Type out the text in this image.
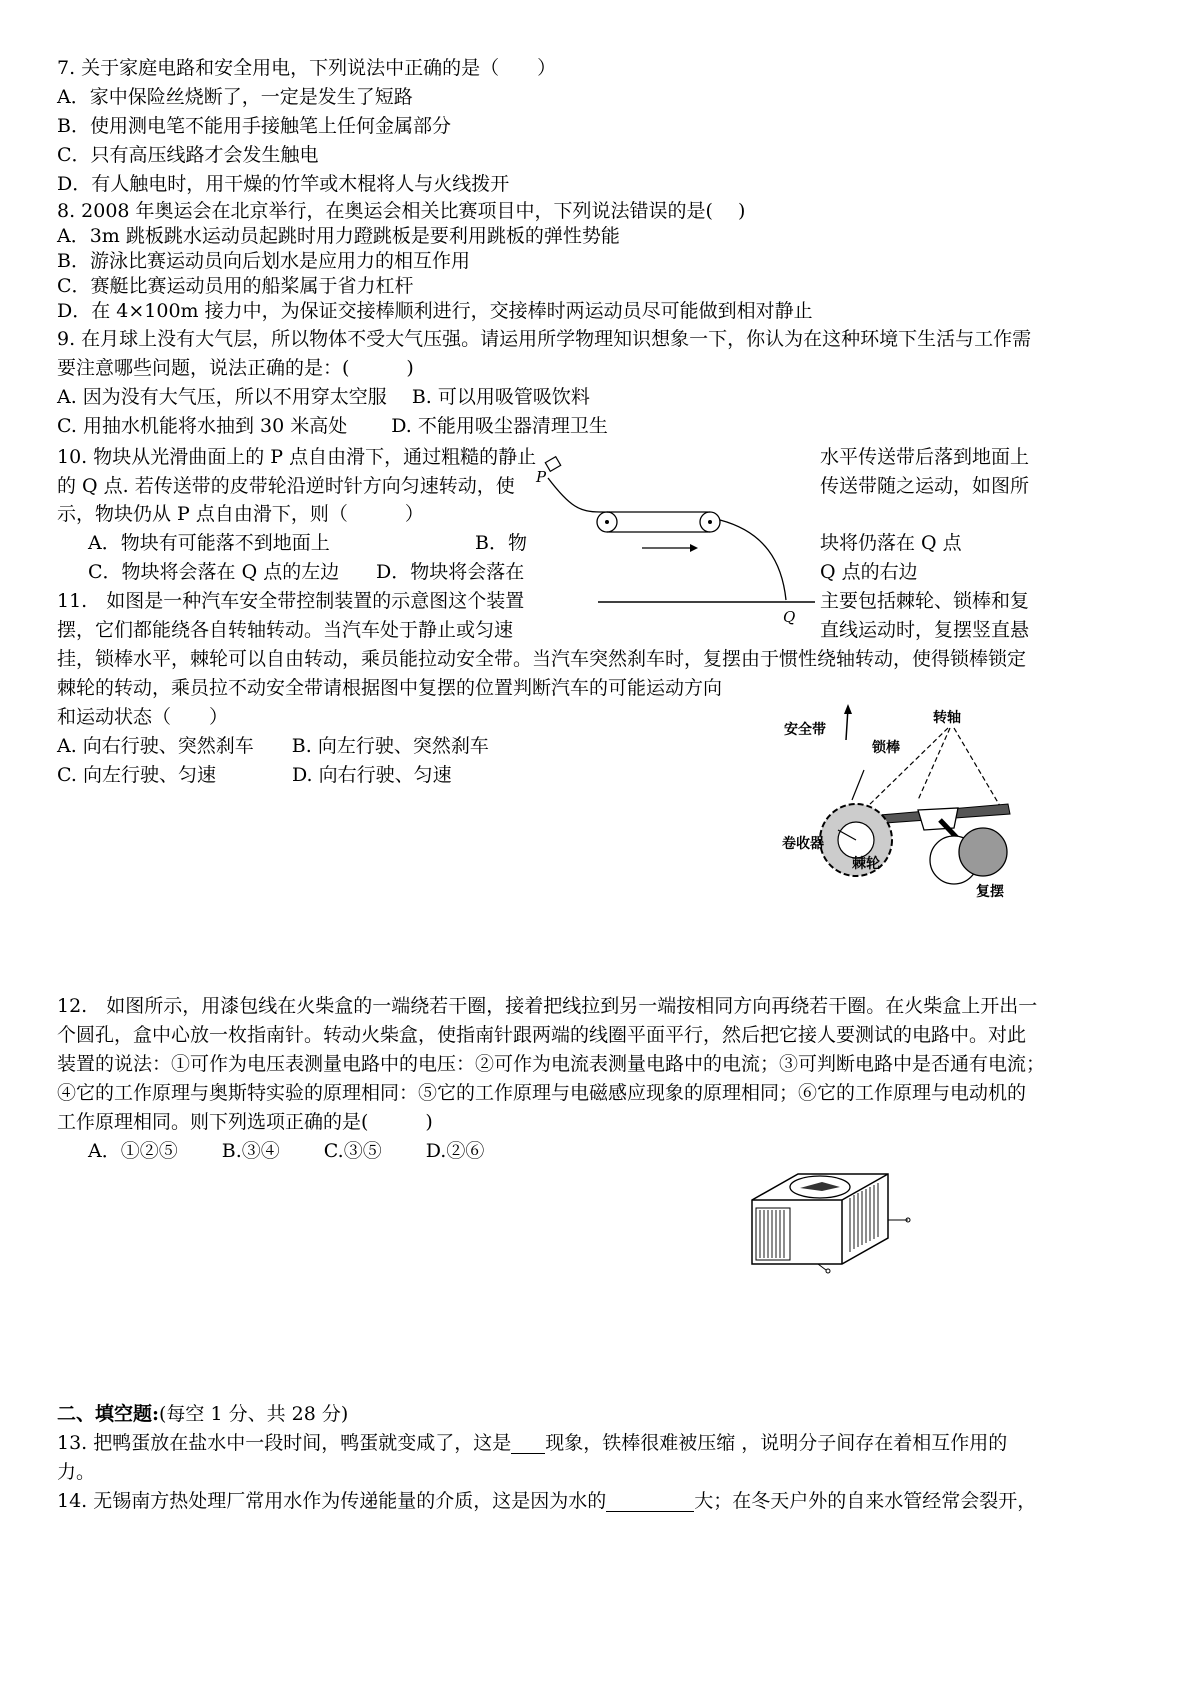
7. 关于家庭电路和安全用电，下列说法中正确的是（　　）
A．家中保险丝烧断了，一定是发生了短路
B．使用测电笔不能用手接触笔上任何金属部分
C．只有高压线路才会发生触电
D．有人触电时，用干燥的竹竿或木棍将人与火线拨开
8. 2008 年奥运会在北京举行，在奥运会相关比赛项目中，下列说法错误的是(　 )
A．3m 跳板跳水运动员起跳时用力蹬跳板是要利用跳板的弹性势能
B．游泳比赛运动员向后划水是应用力的相互作用
C．赛艇比赛运动员用的船桨属于省力杠杆
D．在 4×100m 接力中，为保证交接棒顺利进行，交接棒时两运动员尽可能做到相对静止
9. 在月球上没有大气层，所以物体不受大气压强。请运用所学物理知识想象一下，你认为在这种环境下生活与工作需
要注意哪些问题，说法正确的是：(　　　)
A. 因为没有大气压，所以不用穿太空服　 B. 可以用吸管吸饮料
C. 用抽水机能将水抽到 30 米高处　　 D. 不能用吸尘器清理卫生
10. 物块从光滑曲面上的 P 点自由滑下，通过粗糙的静止	水平传送带后落到地面上
的 Q 点. 若传送带的皮带轮沿逆时针方向匀速转动，使	传送带随之运动，如图所
示，物块仍从 P 点自由滑下，则（　　　）
A．物块有可能落不到地面上	B．物	块将仍落在 Q 点
C．物块将会落在 Q 点的左边 D．物块将会落在	Q 点的右边
P
Q
11.　如图是一种汽车安全带控制装置的示意图这个装置	主要包括棘轮、锁棒和复
摆，它们都能绕各自转轴转动。当汽车处于静止或匀速	直线运动时，复摆竖直悬
挂，锁棒水平，棘轮可以自由转动，乘员能拉动安全带。当汽车突然刹车时，复摆由于惯性绕轴转动，使得锁棒锁定
棘轮的转动，乘员拉不动安全带请根据图中复摆的位置判断汽车的可能运动方向
和运动状态（　　）
A. 向右行驶、突然刹车　　B. 向左行驶、突然刹车
C. 向左行驶、匀速　　　　D. 向右行驶、匀速
安全带
转轴
锁棒
卷收器
棘轮
复摆
12.　如图所示，用漆包线在火柴盒的一端绕若干圈，接着把线拉到另一端按相同方向再绕若干圈。在火柴盒上开出一
个圆孔，盒中心放一枚指南针。转动火柴盒，使指南针跟两端的线圈平面平行，然后把它接人要测试的电路中。对此
装置的说法：①可作为电压表测量电路中的电压：②可作为电流表测量电路中的电流；③可判断电路中是否通有电流；
④它的工作原理与奥斯特实验的原理相同：⑤它的工作原理与电磁感应现象的原理相同；⑥它的工作原理与电动机的
工作原理相同。则下列选项正确的是(　　　)
A．①②⑤　　 B.③④　　 C.③⑤　　 D.②⑥
二、填空题:(每空 1 分、共 28 分)
13. 把鸭蛋放在盐水中一段时间，鸭蛋就变咸了，这是 现象，铁棒很难被压缩 ，说明分子间存在着相互作用的
力。
14. 无锡南方热处理厂常用水作为传递能量的介质，这是因为水的	大；在冬天户外的自来水管经常会裂开，
